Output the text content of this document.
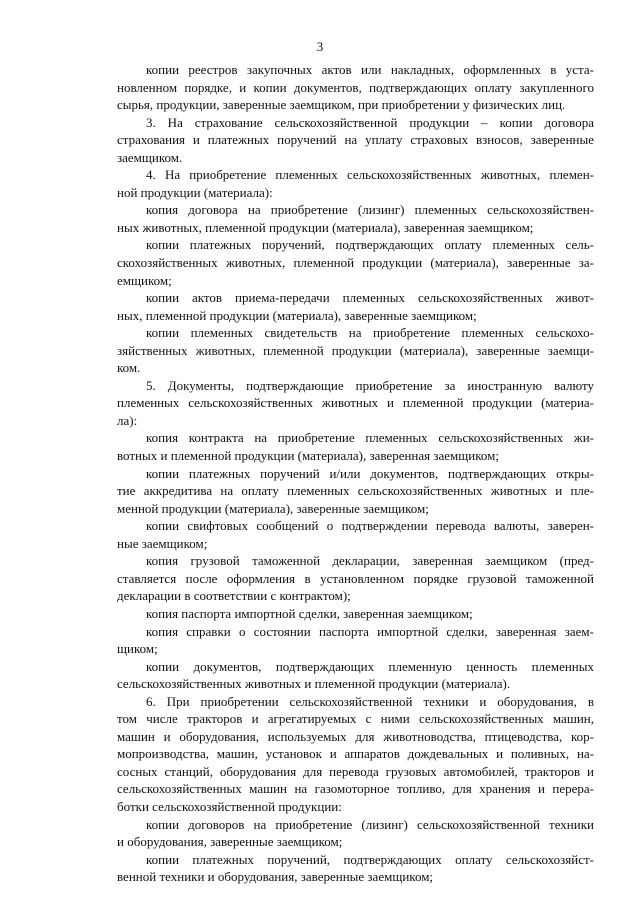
3
копии реестров закупочных актов или накладных, оформленных в уста-
новленном порядке, и копии документов, подтверждающих оплату закупленного
сырья, продукции, заверенные заемщиком, при приобретении у физических лиц.
3. На страхование сельскохозяйственной продукции – копии договора
страхования и платежных поручений на уплату страховых взносов, заверенные
заемщиком.
4. На приобретение племенных сельскохозяйственных животных, племен-
ной продукции (материала):
копия договора на приобретение (лизинг) племенных сельскохозяйствен-
ных животных, племенной продукции (материала), заверенная заемщиком;
копии платежных поручений, подтверждающих оплату племенных сель-
скохозяйственных животных, племенной продукции (материала), заверенные за-
емщиком;
копии актов приема-передачи племенных сельскохозяйственных живот-
ных, племенной продукции (материала), заверенные заемщиком;
копии племенных свидетельств на приобретение племенных сельскохо-
зяйственных животных, племенной продукции (материала), заверенные заемщи-
ком.
5. Документы, подтверждающие приобретение за иностранную валюту
племенных сельскохозяйственных животных и племенной продукции (материа-
ла):
копия контракта на приобретение племенных сельскохозяйственных жи-
вотных и племенной продукции (материала), заверенная заемщиком;
копии платежных поручений и/или документов, подтверждающих откры-
тие аккредитива на оплату племенных сельскохозяйственных животных и пле-
менной продукции (материала), заверенные заемщиком;
копии свифтовых сообщений о подтверждении перевода валюты, заверен-
ные заемщиком;
копия грузовой таможенной декларации, заверенная заемщиком (пред-
ставляется после оформления в установленном порядке грузовой таможенной
декларации в соответствии с контрактом);
копия паспорта импортной сделки, заверенная заемщиком;
копия справки о состоянии паспорта импортной сделки, заверенная заем-
щиком;
копии документов, подтверждающих племенную ценность племенных
сельскохозяйственных животных и племенной продукции (материала).
6. При приобретении сельскохозяйственной техники и оборудования, в
том числе тракторов и агрегатируемых с ними сельскохозяйственных машин,
машин и оборудования, используемых для животноводства, птицеводства, кор-
мопроизводства, машин, установок и аппаратов дождевальных и поливных, на-
сосных станций, оборудования для перевода грузовых автомобилей, тракторов и
сельскохозяйственных машин на газомоторное топливо, для хранения и перера-
ботки сельскохозяйственной продукции:
копии договоров на приобретение (лизинг) сельскохозяйственной техники
и оборудования, заверенные заемщиком;
копии платежных поручений, подтверждающих оплату сельскохозяйст-
венной техники и оборудования, заверенные заемщиком;
